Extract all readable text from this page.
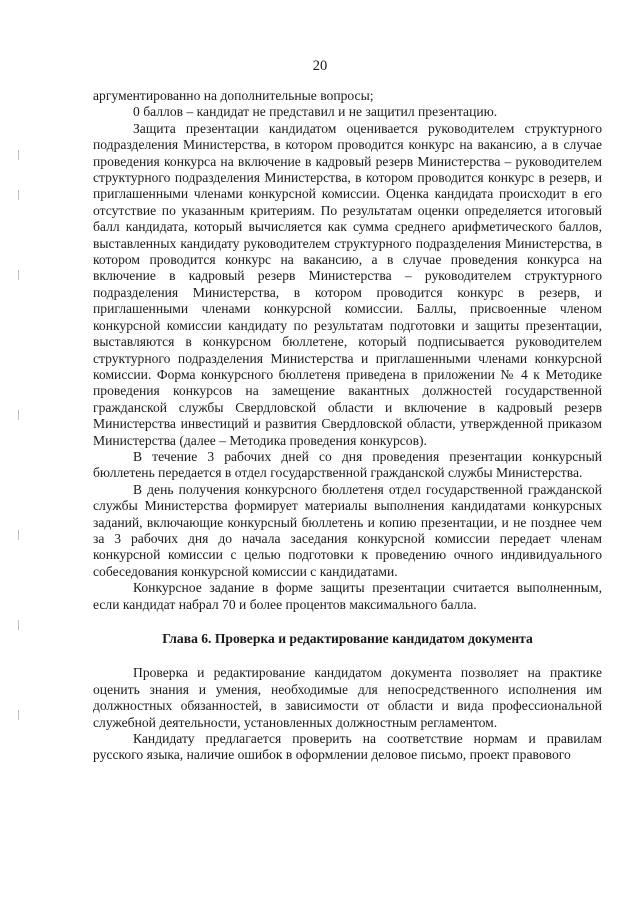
20

аргументированно на дополнительные вопросы;

0 баллов – кандидат не представил и не защитил презентацию.

Защита презентации кандидатом оценивается руководителем структурного подразделения Министерства, в котором проводится конкурс на вакансию, а в случае проведения конкурса на включение в кадровый резерв Министерства – руководителем структурного подразделения Министерства, в котором проводится конкурс в резерв, и приглашенными членами конкурсной комиссии. Оценка кандидата происходит в его отсутствие по указанным критериям. По результатам оценки определяется итоговый балл кандидата, который вычисляется как сумма среднего арифметического баллов, выставленных кандидату руководителем структурного подразделения Министерства, в котором проводится конкурс на вакансию, а в случае проведения конкурса на включение в кадровый резерв Министерства – руководителем структурного подразделения Министерства, в котором проводится конкурс в резерв, и приглашенными членами конкурсной комиссии. Баллы, присвоенные членом конкурсной комиссии кандидату по результатам подготовки и защиты презентации, выставляются в конкурсном бюллетене, который подписывается руководителем структурного подразделения Министерства и приглашенными членами конкурсной комиссии. Форма конкурсного бюллетеня приведена в приложении № 4 к Методике проведения конкурсов на замещение вакантных должностей государственной гражданской службы Свердловской области и включение в кадровый резерв Министерства инвестиций и развития Свердловской области, утвержденной приказом Министерства (далее – Методика проведения конкурсов).

В течение 3 рабочих дней со дня проведения презентации конкурсный бюллетень передается в отдел государственной гражданской службы Министерства.

В день получения конкурсного бюллетеня отдел государственной гражданской службы Министерства формирует материалы выполнения кандидатами конкурсных заданий, включающие конкурсный бюллетень и копию презентации, и не позднее чем за 3 рабочих дня до начала заседания конкурсной комиссии передает членам конкурсной комиссии с целью подготовки к проведению очного индивидуального собеседования конкурсной комиссии с кандидатами.

Конкурсное задание в форме защиты презентации считается выполненным, если кандидат набрал 70 и более процентов максимального балла.

Глава 6. Проверка и редактирование кандидатом документа

Проверка и редактирование кандидатом документа позволяет на практике оценить знания и умения, необходимые для непосредственного исполнения им должностных обязанностей, в зависимости от области и вида профессиональной служебной деятельности, установленных должностным регламентом.

Кандидату предлагается проверить на соответствие нормам и правилам русского языка, наличие ошибок в оформлении деловое письмо, проект правового
